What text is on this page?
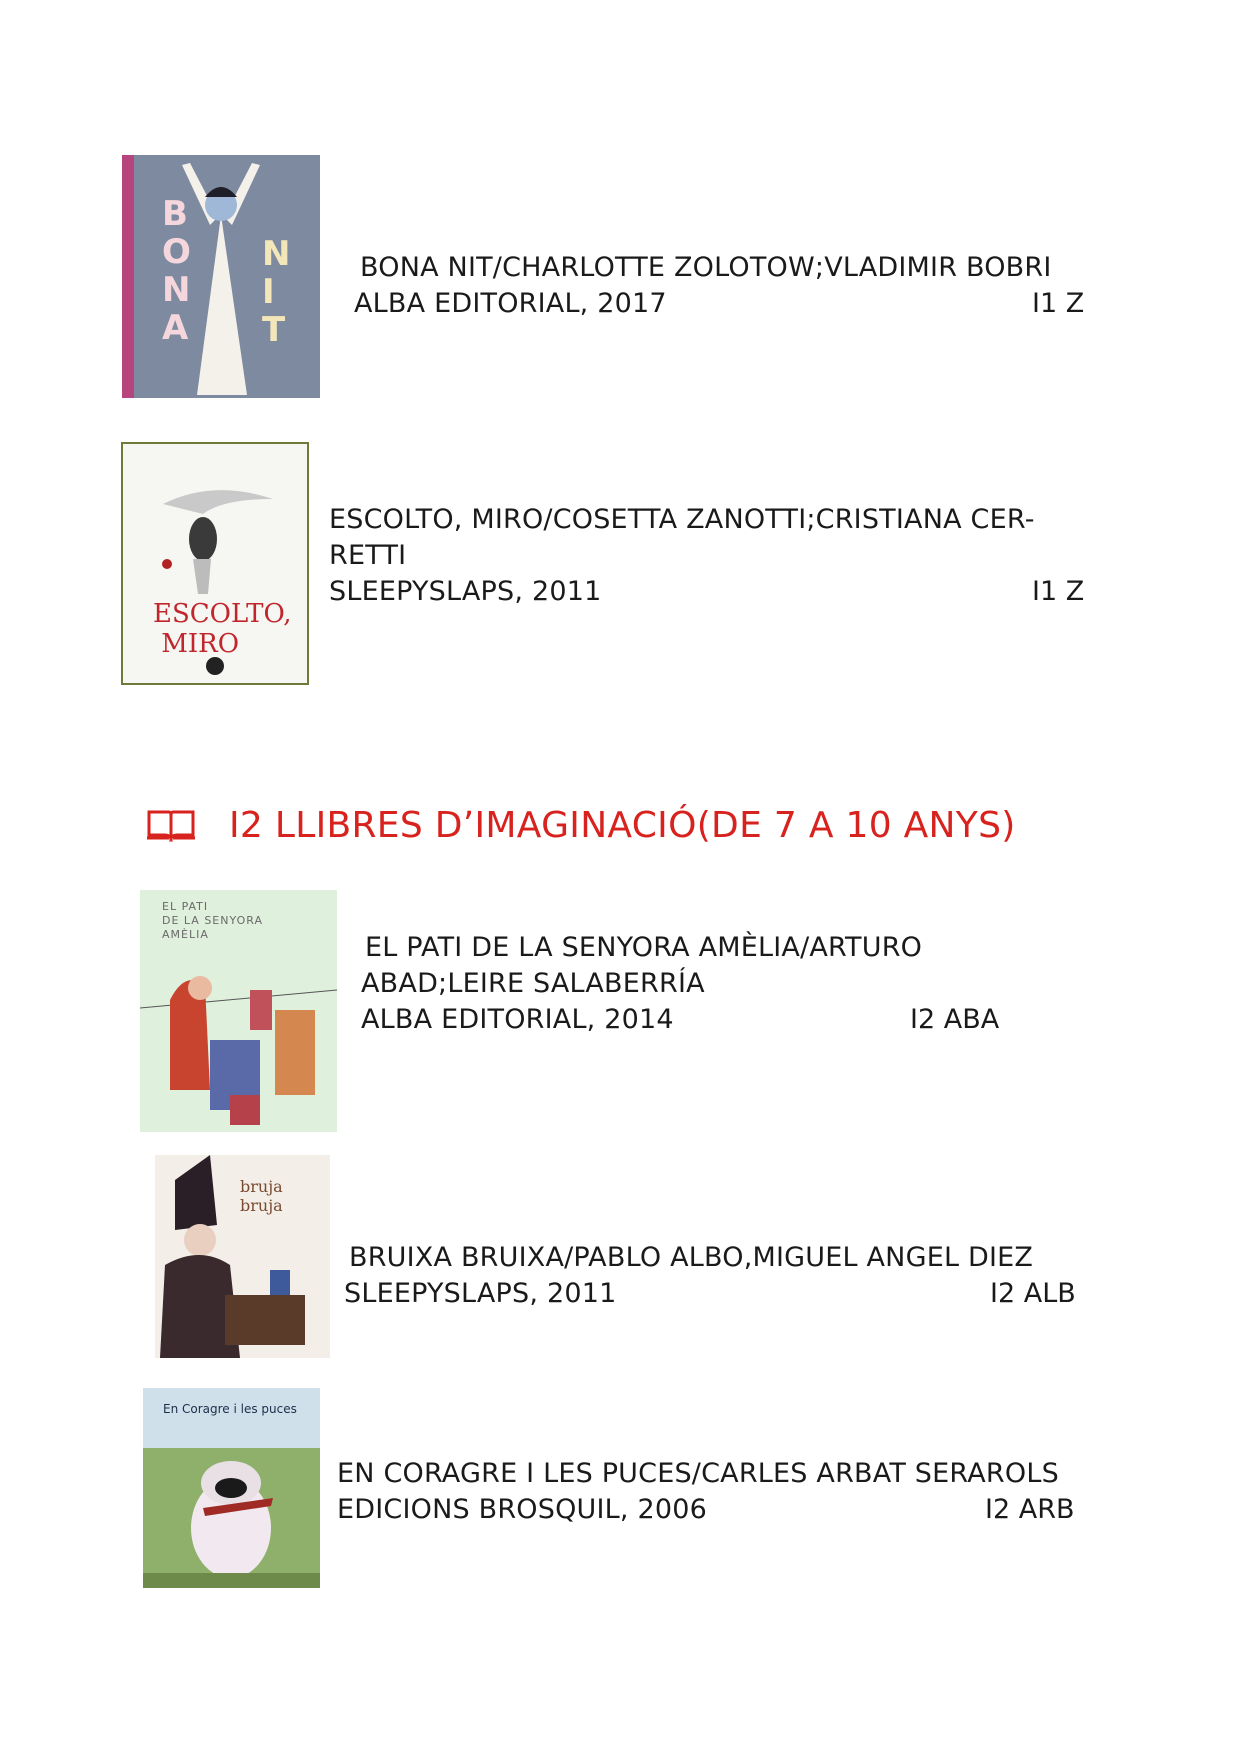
B
O
N
A
N
I
T
BONA NIT/CHARLOTTE ZOLOTOW;VLADIMIR BOBRI
ALBA EDITORIAL, 2017	I1 Z
ESCOLTO,
MIRO
ESCOLTO, MIRO/COSETTA ZANOTTI;CRISTIANA CER-
RETTI
SLEEPYSLAPS, 2011	I1 Z
I2 LLIBRES D’IMAGINACIÓ(DE 7 A 10 ANYS)
EL PATI
DE LA SENYORA
AMÈLIA	EL PATI DE LA SENYORA AMÈLIA/ARTURO
ABAD;LEIRE SALABERRÍA
ALBA EDITORIAL, 2014	I2 ABA
bruja bruja
BRUIXA BRUIXA/PABLO ALBO,MIGUEL ANGEL DIEZ
SLEEPYSLAPS, 2011	I2 ALB
En Coragre i les puces
EN CORAGRE I LES PUCES/CARLES ARBAT SERAROLS
EDICIONS BROSQUIL, 2006	I2 ARB
